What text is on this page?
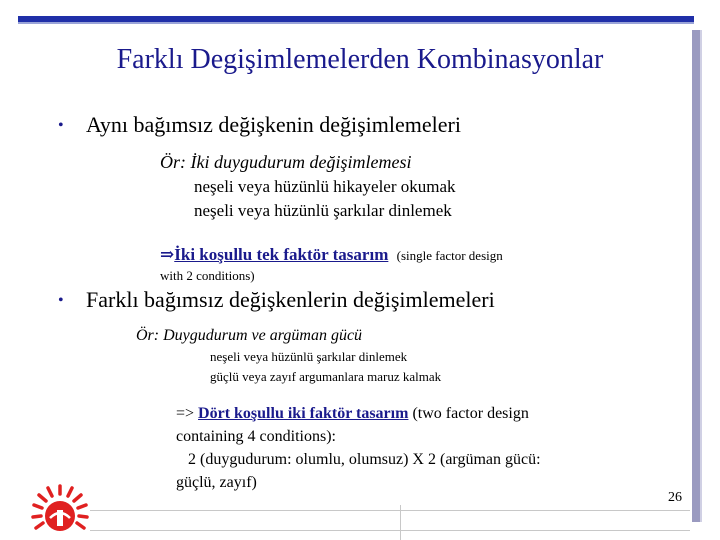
Farklı Degişimlemelerden Kombinasyonlar
• Aynı bağımsız değişkenin değişimlemeleri
Ör: İki duygudurum değişimlemesi
neşeli veya hüzünlü hikayeler okumak
neşeli veya hüzünlü şarkılar dinlemek
⇒İki koşullu tek faktör tasarım (single factor design
with 2 conditions)
• Farklı bağımsız değişkenlerin değişimlemeleri
Ör: Duygudurum ve argüman gücü
neşeli veya hüzünlü şarkılar dinlemek
güçlü veya zayıf argumanlara maruz kalmak
=> Dört koşullu iki faktör tasarım (two factor design
containing 4 conditions):
2 (duygudurum: olumlu, olumsuz) X 2 (argüman gücü:
güçlü, zayıf)
26
